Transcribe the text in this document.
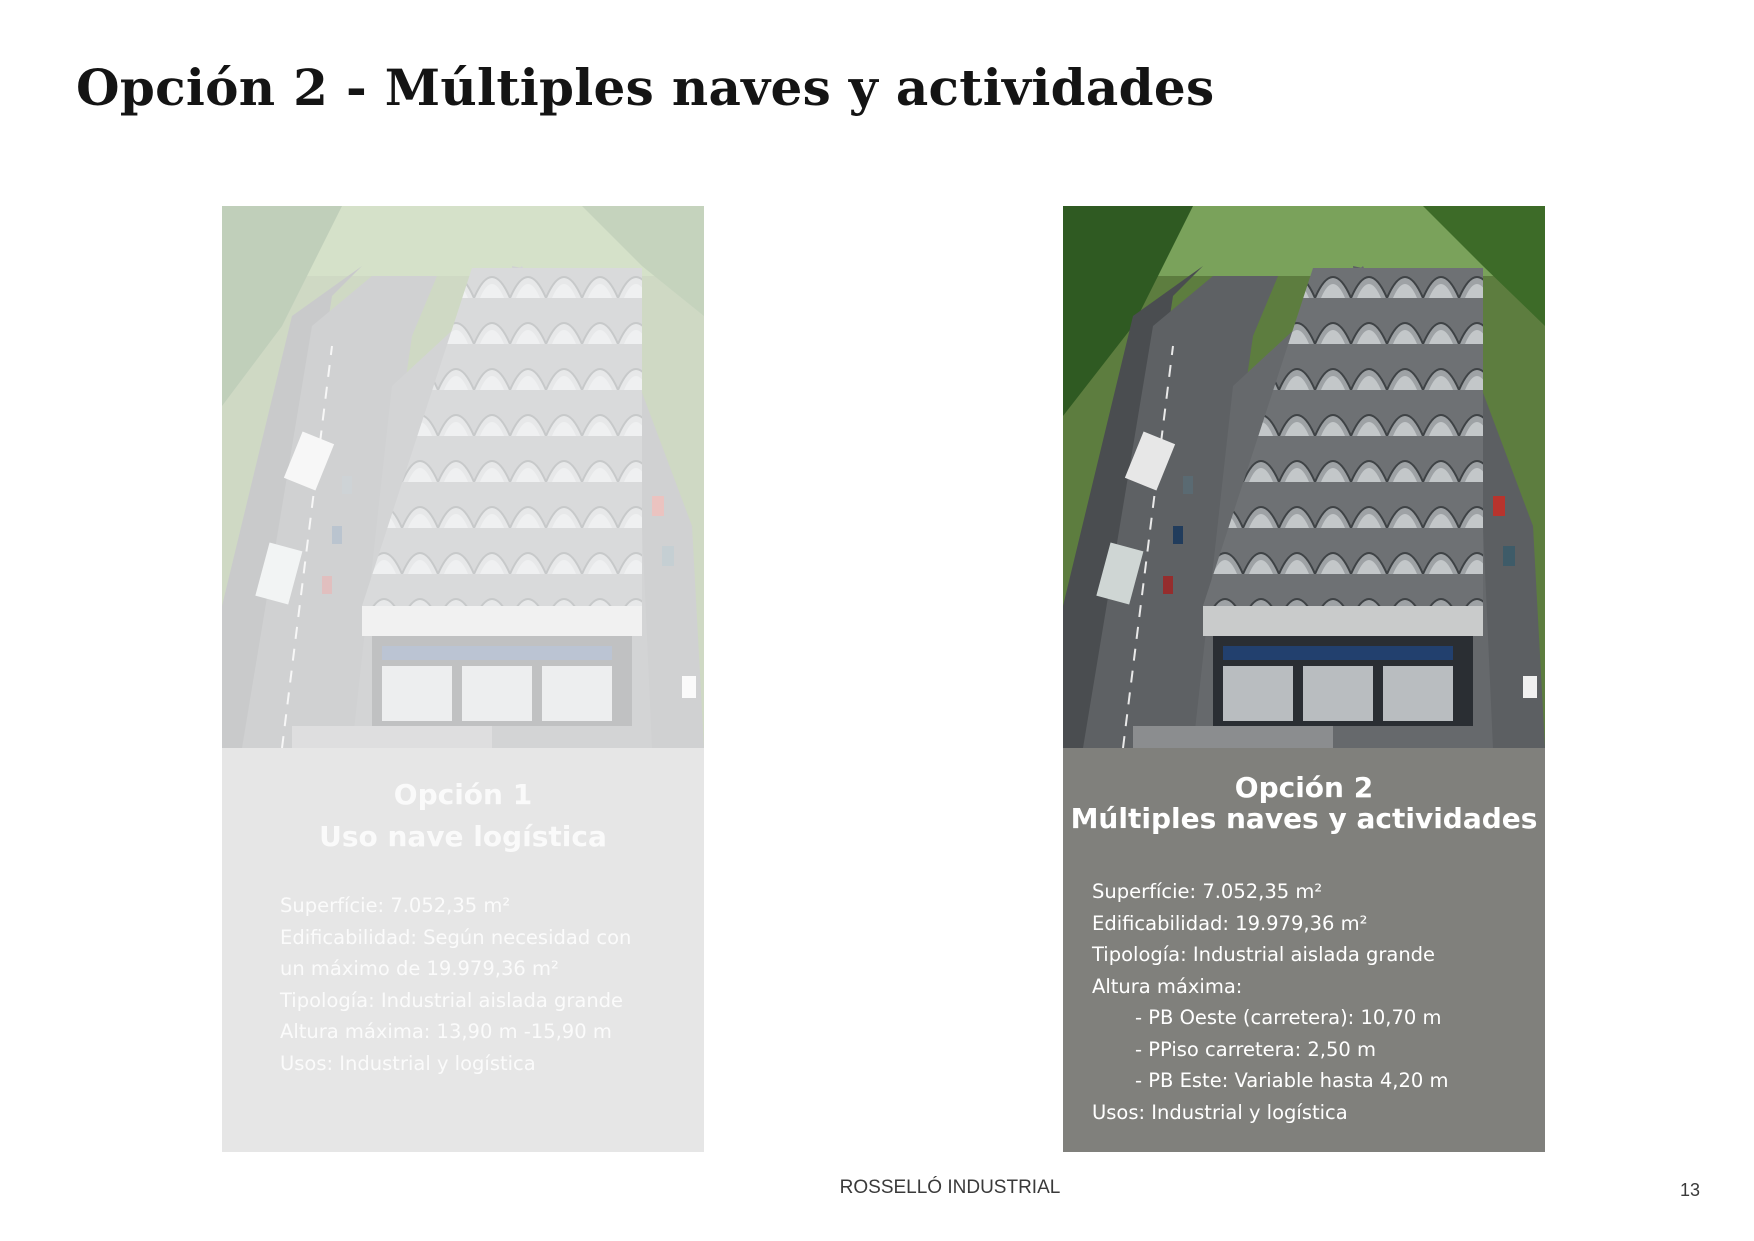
Opción 2 - Múltiples naves y actividades
Opción 1
Uso nave logística
Superfície: 7.052,35 m²
Edificabilidad: Según necesidad con
un máximo de 19.979,36 m²
Tipología: Industrial aislada grande
Altura máxima: 13,90 m -15,90 m
Usos: Industrial y logística
Opción 2
Múltiples naves y actividades
Superfície: 7.052,35 m²
Edificabilidad: 19.979,36 m²
Tipología: Industrial aislada grande
Altura máxima:
- PB Oeste (carretera): 10,70 m
- PPiso carretera: 2,50 m
- PB Este: Variable hasta 4,20 m
Usos: Industrial y logística
ROSSELLÓ INDUSTRIAL	13
